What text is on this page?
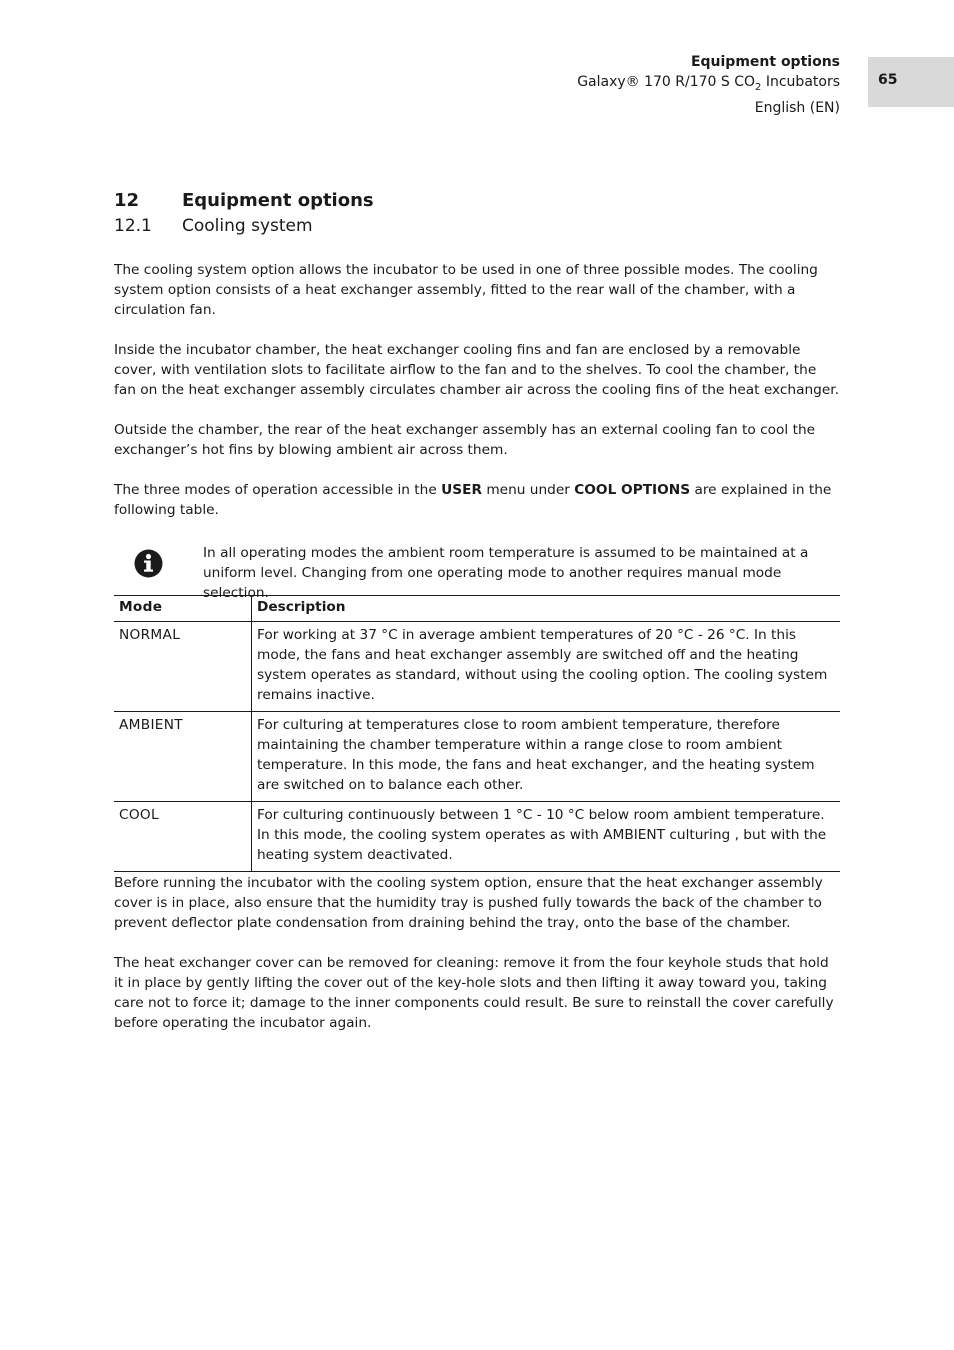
Equipment options
Galaxy® 170 R/170 S $CO_2$ Incubators
English (EN)
65
12 Equipment options
12.1 Cooling system

The cooling system option allows the incubator to be used in one of three possible modes. The cooling system option consists of a heat exchanger assembly, fitted to the rear wall of the chamber, with a circulation fan.

Inside the incubator chamber, the heat exchanger cooling fins and fan are enclosed by a removable cover, with ventilation slots to facilitate airflow to the fan and to the shelves. To cool the chamber, the fan on the heat exchanger assembly circulates chamber air across the cooling fins of the heat exchanger.

Outside the chamber, the rear of the heat exchanger assembly has an external cooling fan to cool the exchanger’s hot fins by blowing ambient air across them.

The three modes of operation accessible in the USER menu under COOL OPTIONS are explained in the following table.

In all operating modes the ambient room temperature is assumed to be maintained at a uniform level. Changing from one operating mode to another requires manual mode selection.
Mode	Description
NORMAL	For working at 37 °C in average ambient temperatures of 20 °C - 26 °C. In this mode, the fans and heat exchanger assembly are switched off and the heating system operates as standard, without using the cooling option. The cooling system remains inactive.
AMBIENT	For culturing at temperatures close to room ambient temperature, therefore maintaining the chamber temperature within a range close to room ambient temperature. In this mode, the fans and heat exchanger, and the heating system are switched on to balance each other.
COOL	For culturing continuously between 1 °C - 10 °C below room ambient temperature. In this mode, the cooling system operates as with AMBIENT culturing , but with the heating system deactivated.

Before running the incubator with the cooling system option, ensure that the heat exchanger assembly cover is in place, also ensure that the humidity tray is pushed fully towards the back of the chamber to prevent deflector plate condensation from draining behind the tray, onto the base of the chamber.

The heat exchanger cover can be removed for cleaning: remove it from the four keyhole studs that hold it in place by gently lifting the cover out of the key-hole slots and then lifting it away toward you, taking care not to force it; damage to the inner components could result. Be sure to reinstall the cover carefully before operating the incubator again.
